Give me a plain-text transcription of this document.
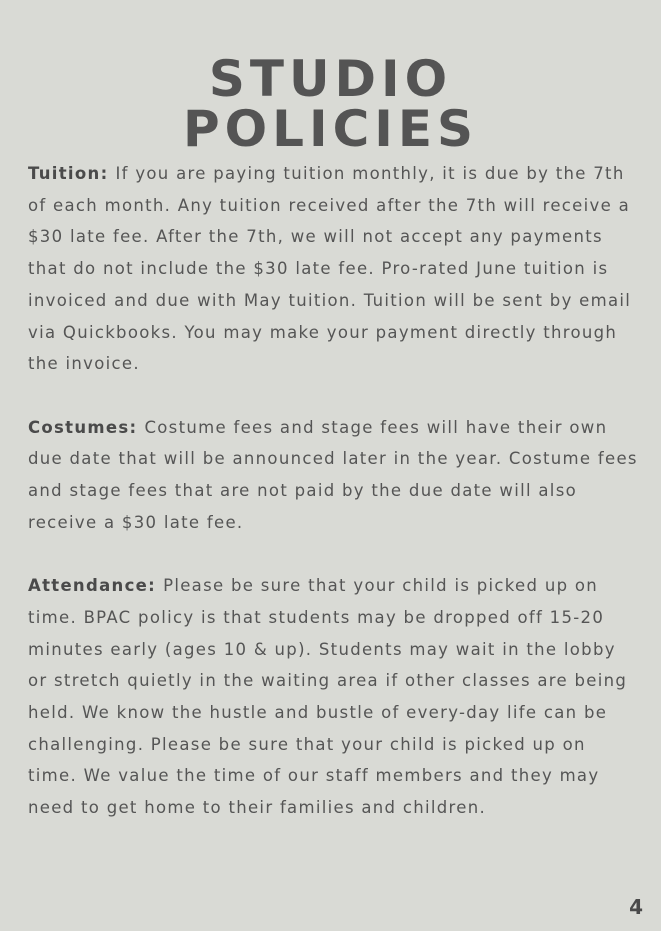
STUDIO
POLICIES

Tuition: If you are paying tuition monthly, it is due by the 7th of each month. Any tuition received after the 7th will receive a $30 late fee. After the 7th, we will not accept any payments that do not include the $30 late fee. Pro-rated June tuition is invoiced and due with May tuition. Tuition will be sent by email via Quickbooks. You may make your payment directly through the invoice.

Costumes: Costume fees and stage fees will have their own due date that will be announced later in the year. Costume fees and stage fees that are not paid by the due date will also receive a $30 late fee.

Attendance: Please be sure that your child is picked up on time. BPAC policy is that students may be dropped off 15-20 minutes early (ages 10 & up). Students may wait in the lobby or stretch quietly in the waiting area if other classes are being held. We know the hustle and bustle of every-day life can be challenging. Please be sure that your child is picked up on time. We value the time of our staff members and they may need to get home to their families and children.

4
